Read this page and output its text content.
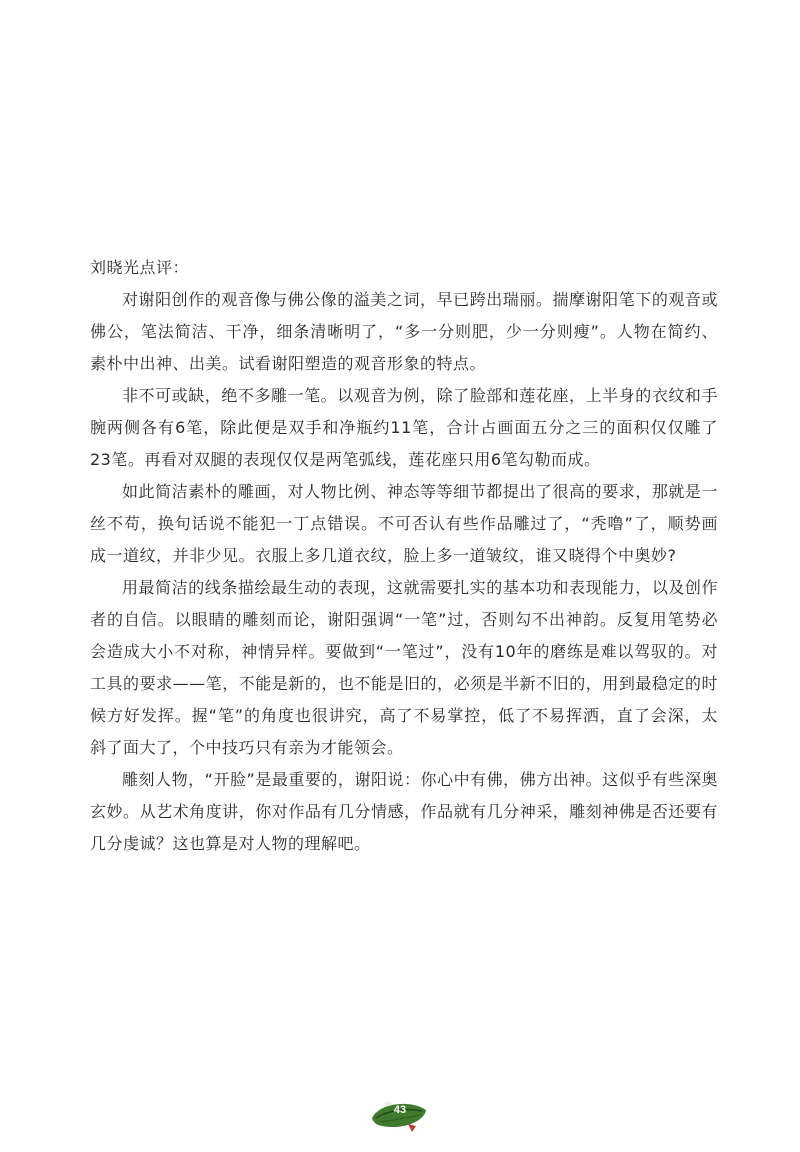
刘晓光点评：

对谢阳创作的观音像与佛公像的溢美之词，早已跨出瑞丽。揣摩谢阳笔下的观音或佛公，笔法简洁、干净，细条清晰明了，“多一分则肥，少一分则瘦”。人物在简约、素朴中出神、出美。试看谢阳塑造的观音形象的特点。

非不可或缺，绝不多雕一笔。以观音为例，除了脸部和莲花座，上半身的衣纹和手腕两侧各有6笔，除此便是双手和净瓶约11笔，合计占画面五分之三的面积仅仅雕了23笔。再看对双腿的表现仅仅是两笔弧线，莲花座只用6笔勾勒而成。

如此简洁素朴的雕画，对人物比例、神态等等细节都提出了很高的要求，那就是一丝不苟，换句话说不能犯一丁点错误。不可否认有些作品雕过了，“秃噜”了，顺势画成一道纹，并非少见。衣服上多几道衣纹，脸上多一道皱纹，谁又晓得个中奥妙?

用最简洁的线条描绘最生动的表现，这就需要扎实的基本功和表现能力，以及创作者的自信。以眼睛的雕刻而论，谢阳强调“一笔”过，否则勾不出神韵。反复用笔势必会造成大小不对称，神情异样。要做到“一笔过”，没有10年的磨练是难以驾驭的。对工具的要求——笔，不能是新的，也不能是旧的，必须是半新不旧的，用到最稳定的时候方好发挥。握“笔”的角度也很讲究，高了不易掌控，低了不易挥洒，直了会深，太斜了面大了，个中技巧只有亲为才能领会。

雕刻人物，“开脸”是最重要的，谢阳说：你心中有佛，佛方出神。这似乎有些深奥玄妙。从艺术角度讲，你对作品有几分情感，作品就有几分神采，雕刻神佛是否还要有几分虔诚？这也算是对人物的理解吧。

43
